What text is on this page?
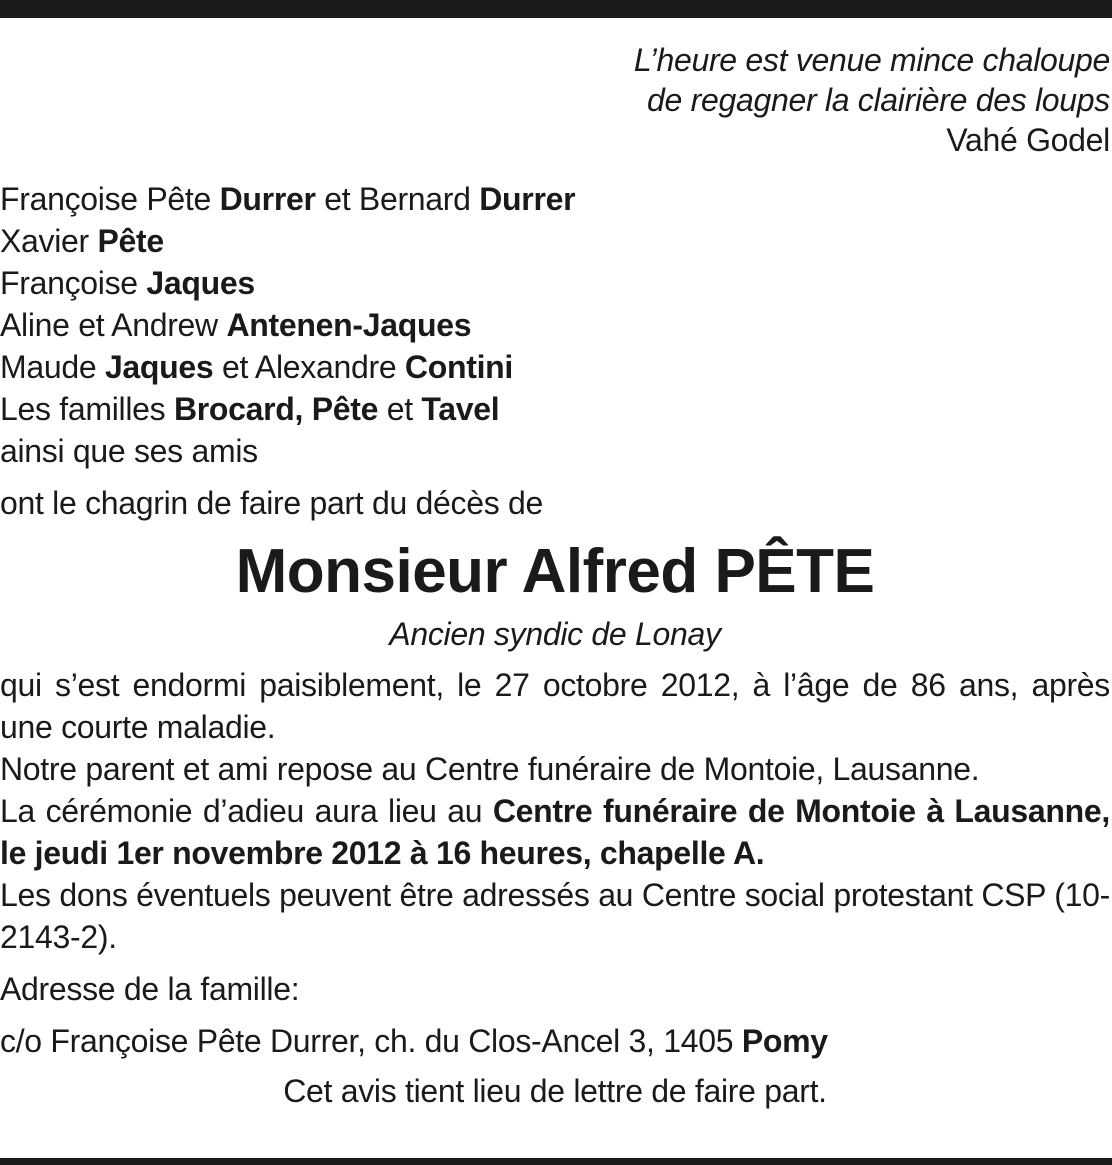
L’heure est venue mince chaloupe
de regagner la clairière des loups
Vahé Godel
Françoise Pête Durrer et Bernard Durrer
Xavier Pête
Françoise Jaques
Aline et Andrew Antenen-Jaques
Maude Jaques et Alexandre Contini
Les familles Brocard, Pête et Tavel
ainsi que ses amis
ont le chagrin de faire part du décès de
Monsieur Alfred PÊTE
Ancien syndic de Lonay
qui s’est endormi paisiblement, le 27 octobre 2012, à l’âge de 86 ans, après une courte maladie.
Notre parent et ami repose au Centre funéraire de Montoie, Lausanne.
La cérémonie d’adieu aura lieu au Centre funéraire de Montoie à Lausanne, le jeudi 1er novembre 2012 à 16 heures, chapelle A.
Les dons éventuels peuvent être adressés au Centre social protestant CSP (10-2143-2).
Adresse de la famille:
c/o Françoise Pête Durrer, ch. du Clos-Ancel 3, 1405 Pomy
Cet avis tient lieu de lettre de faire part.
